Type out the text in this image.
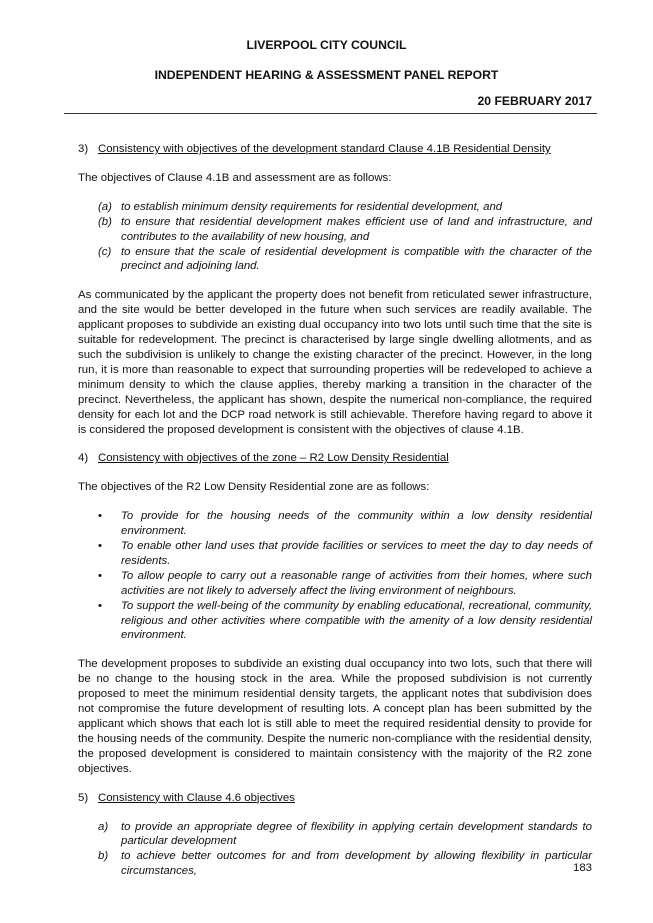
LIVERPOOL CITY COUNCIL
INDEPENDENT HEARING & ASSESSMENT PANEL REPORT
20 FEBRUARY 2017
3) Consistency with objectives of the development standard Clause 4.1B Residential Density

The objectives of Clause 4.1B and assessment are as follows:

(a) to establish minimum density requirements for residential development, and
(b) to ensure that residential development makes efficient use of land and infrastructure, and contributes to the availability of new housing, and
(c) to ensure that the scale of residential development is compatible with the character of the precinct and adjoining land.

As communicated by the applicant the property does not benefit from reticulated sewer infrastructure, and the site would be better developed in the future when such services are readily available. The applicant proposes to subdivide an existing dual occupancy into two lots until such time that the site is suitable for redevelopment. The precinct is characterised by large single dwelling allotments, and as such the subdivision is unlikely to change the existing character of the precinct. However, in the long run, it is more than reasonable to expect that surrounding properties will be redeveloped to achieve a minimum density to which the clause applies, thereby marking a transition in the character of the precinct. Nevertheless, the applicant has shown, despite the numerical non-compliance, the required density for each lot and the DCP road network is still achievable. Therefore having regard to above it is considered the proposed development is consistent with the objectives of clause 4.1B.

4) Consistency with objectives of the zone – R2 Low Density Residential

The objectives of the R2 Low Density Residential zone are as follows:

•	To provide for the housing needs of the community within a low density residential environment.
•	To enable other land uses that provide facilities or services to meet the day to day needs of residents.
•	To allow people to carry out a reasonable range of activities from their homes, where such activities are not likely to adversely affect the living environment of neighbours.
•	To support the well-being of the community by enabling educational, recreational, community, religious and other activities where compatible with the amenity of a low density residential environment.

The development proposes to subdivide an existing dual occupancy into two lots, such that there will be no change to the housing stock in the area. While the proposed subdivision is not currently proposed to meet the minimum residential density targets, the applicant notes that subdivision does not compromise the future development of resulting lots. A concept plan has been submitted by the applicant which shows that each lot is still able to meet the required residential density to provide for the housing needs of the community. Despite the numeric non-compliance with the residential density, the proposed development is considered to maintain consistency with the majority of the R2 zone objectives.

5) Consistency with Clause 4.6 objectives
a)	to provide an appropriate degree of flexibility in applying certain development standards to particular development
b)	to achieve better outcomes for and from development by allowing flexibility in particular circumstances,	183
